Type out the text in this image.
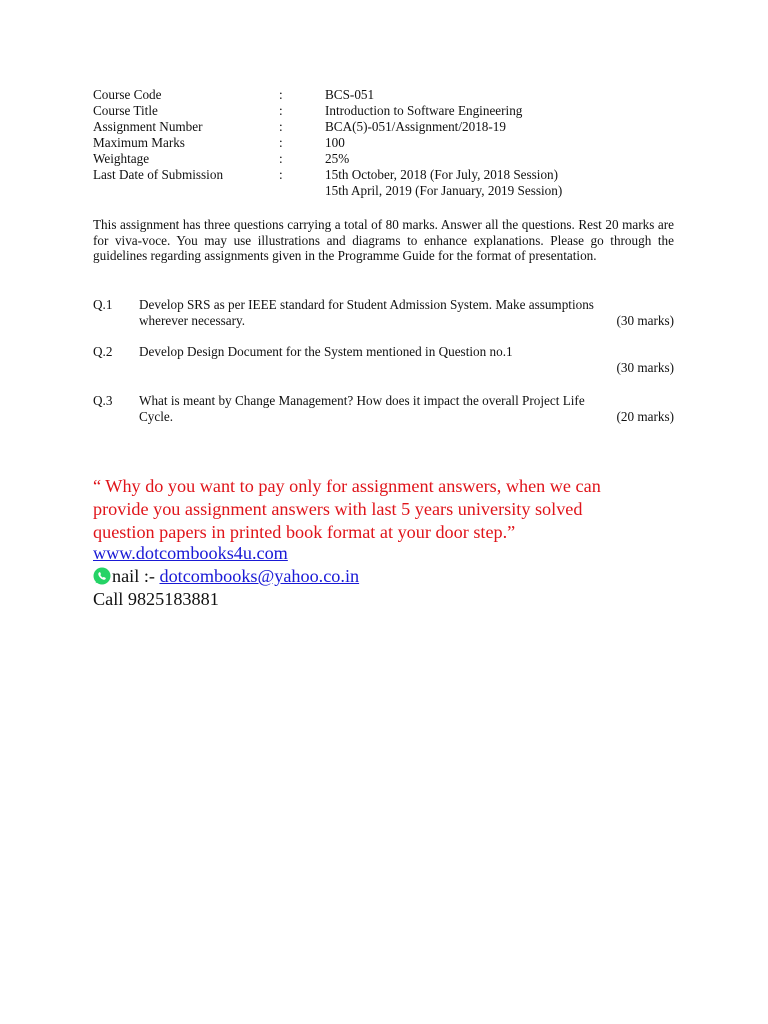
Course Code	:	BCS-051
Course Title	:	Introduction to Software Engineering
Assignment Number	:	BCA(5)-051/Assignment/2018-19
Maximum Marks	:	100
Weightage	:	25%
Last Date of Submission	:	15th October, 2018 (For July, 2018 Session)
15th April, 2019 (For January, 2019 Session)
This assignment has three questions carrying a total of 80 marks. Answer all the questions. Rest 20 marks are for viva-voce. You may use illustrations and diagrams to enhance explanations. Please go through the guidelines regarding assignments given in the Programme Guide for the format of presentation.
Q.1 Develop SRS as per IEEE standard for Student Admission System. Make assumptions
wherever necessary.	(30 marks)
Q.2 Develop Design Document for the System mentioned in Question no.1
(30 marks)
Q.3 What is meant by Change Management? How does it impact the overall Project Life
Cycle.	(20 marks)
“ Why do you want to pay only for assignment answers, when we can
provide you assignment answers with last 5 years university solved
question papers in printed book format at your door step.”
www.dotcombooks4u.com
nail :- dotcombooks@yahoo.co.in
Call 9825183881
